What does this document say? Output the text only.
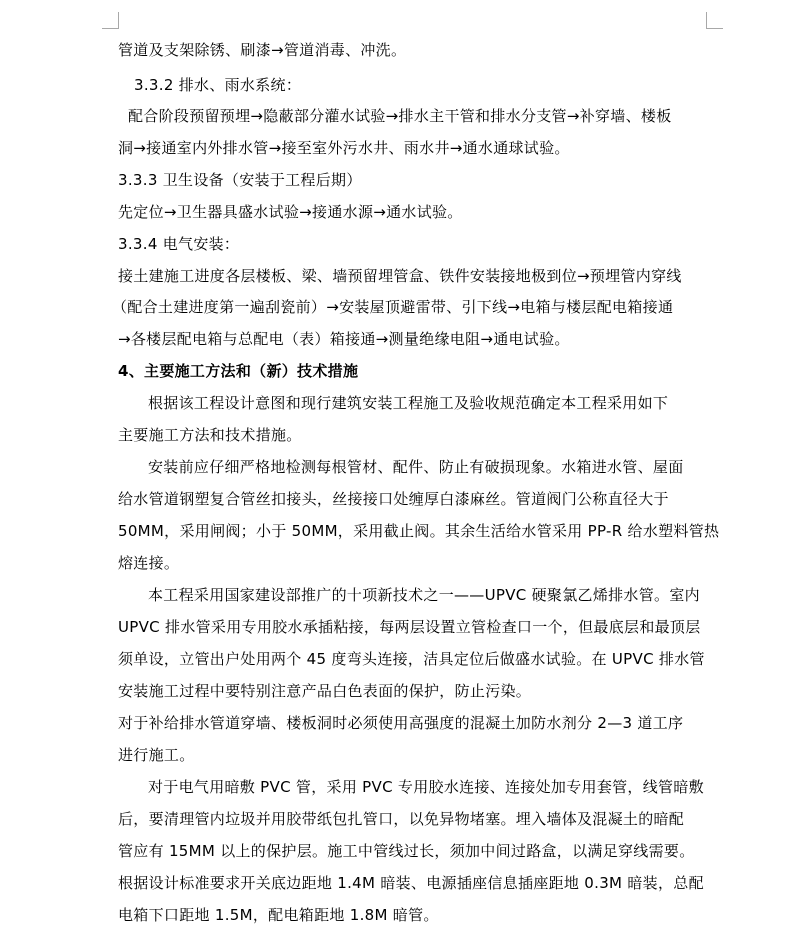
管道及支架除锈、刷漆→管道消毒、冲洗。
3.3.2 排水、雨水系统：
配合阶段预留预埋→隐蔽部分灌水试验→排水主干管和排水分支管→补穿墙、楼板
洞→接通室内外排水管→接至室外污水井、雨水井→通水通球试验。
3.3.3 卫生设备（安装于工程后期）
先定位→卫生器具盛水试验→接通水源→通水试验。
3.3.4 电气安装：
接土建施工进度各层楼板、梁、墙预留埋管盒、铁件安装接地极到位→预埋管内穿线
（配合土建进度第一遍刮瓷前）→安装屋顶避雷带、引下线→电箱与楼层配电箱接通
→各楼层配电箱与总配电（表）箱接通→测量绝缘电阻→通电试验。
4、主要施工方法和（新）技术措施
根据该工程设计意图和现行建筑安装工程施工及验收规范确定本工程采用如下
主要施工方法和技术措施。
安装前应仔细严格地检测每根管材、配件、防止有破损现象。水箱进水管、屋面
给水管道钢塑复合管丝扣接头，丝接接口处缠厚白漆麻丝。管道阀门公称直径大于
50MM，采用闸阀；小于 50MM，采用截止阀。其余生活给水管采用 PP-R 给水塑料管热
熔连接。
本工程采用国家建设部推广的十项新技术之一——UPVC 硬聚氯乙烯排水管。室内
UPVC 排水管采用专用胶水承插粘接，每两层设置立管检查口一个，但最底层和最顶层
须单设，立管出户处用两个 45 度弯头连接，洁具定位后做盛水试验。在 UPVC 排水管
安装施工过程中要特别注意产品白色表面的保护，防止污染。
对于补给排水管道穿墙、楼板洞时必须使用高强度的混凝土加防水剂分 2—3 道工序
进行施工。
对于电气用暗敷 PVC 管，采用 PVC 专用胶水连接、连接处加专用套管，线管暗敷
后，要清理管内垃圾并用胶带纸包扎管口，以免异物堵塞。埋入墙体及混凝土的暗配
管应有 15MM 以上的保护层。施工中管线过长，须加中间过路盒，以满足穿线需要。
根据设计标准要求开关底边距地 1.4M 暗装、电源插座信息插座距地 0.3M 暗装，总配
电箱下口距地 1.5M，配电箱距地 1.8M 暗管。
